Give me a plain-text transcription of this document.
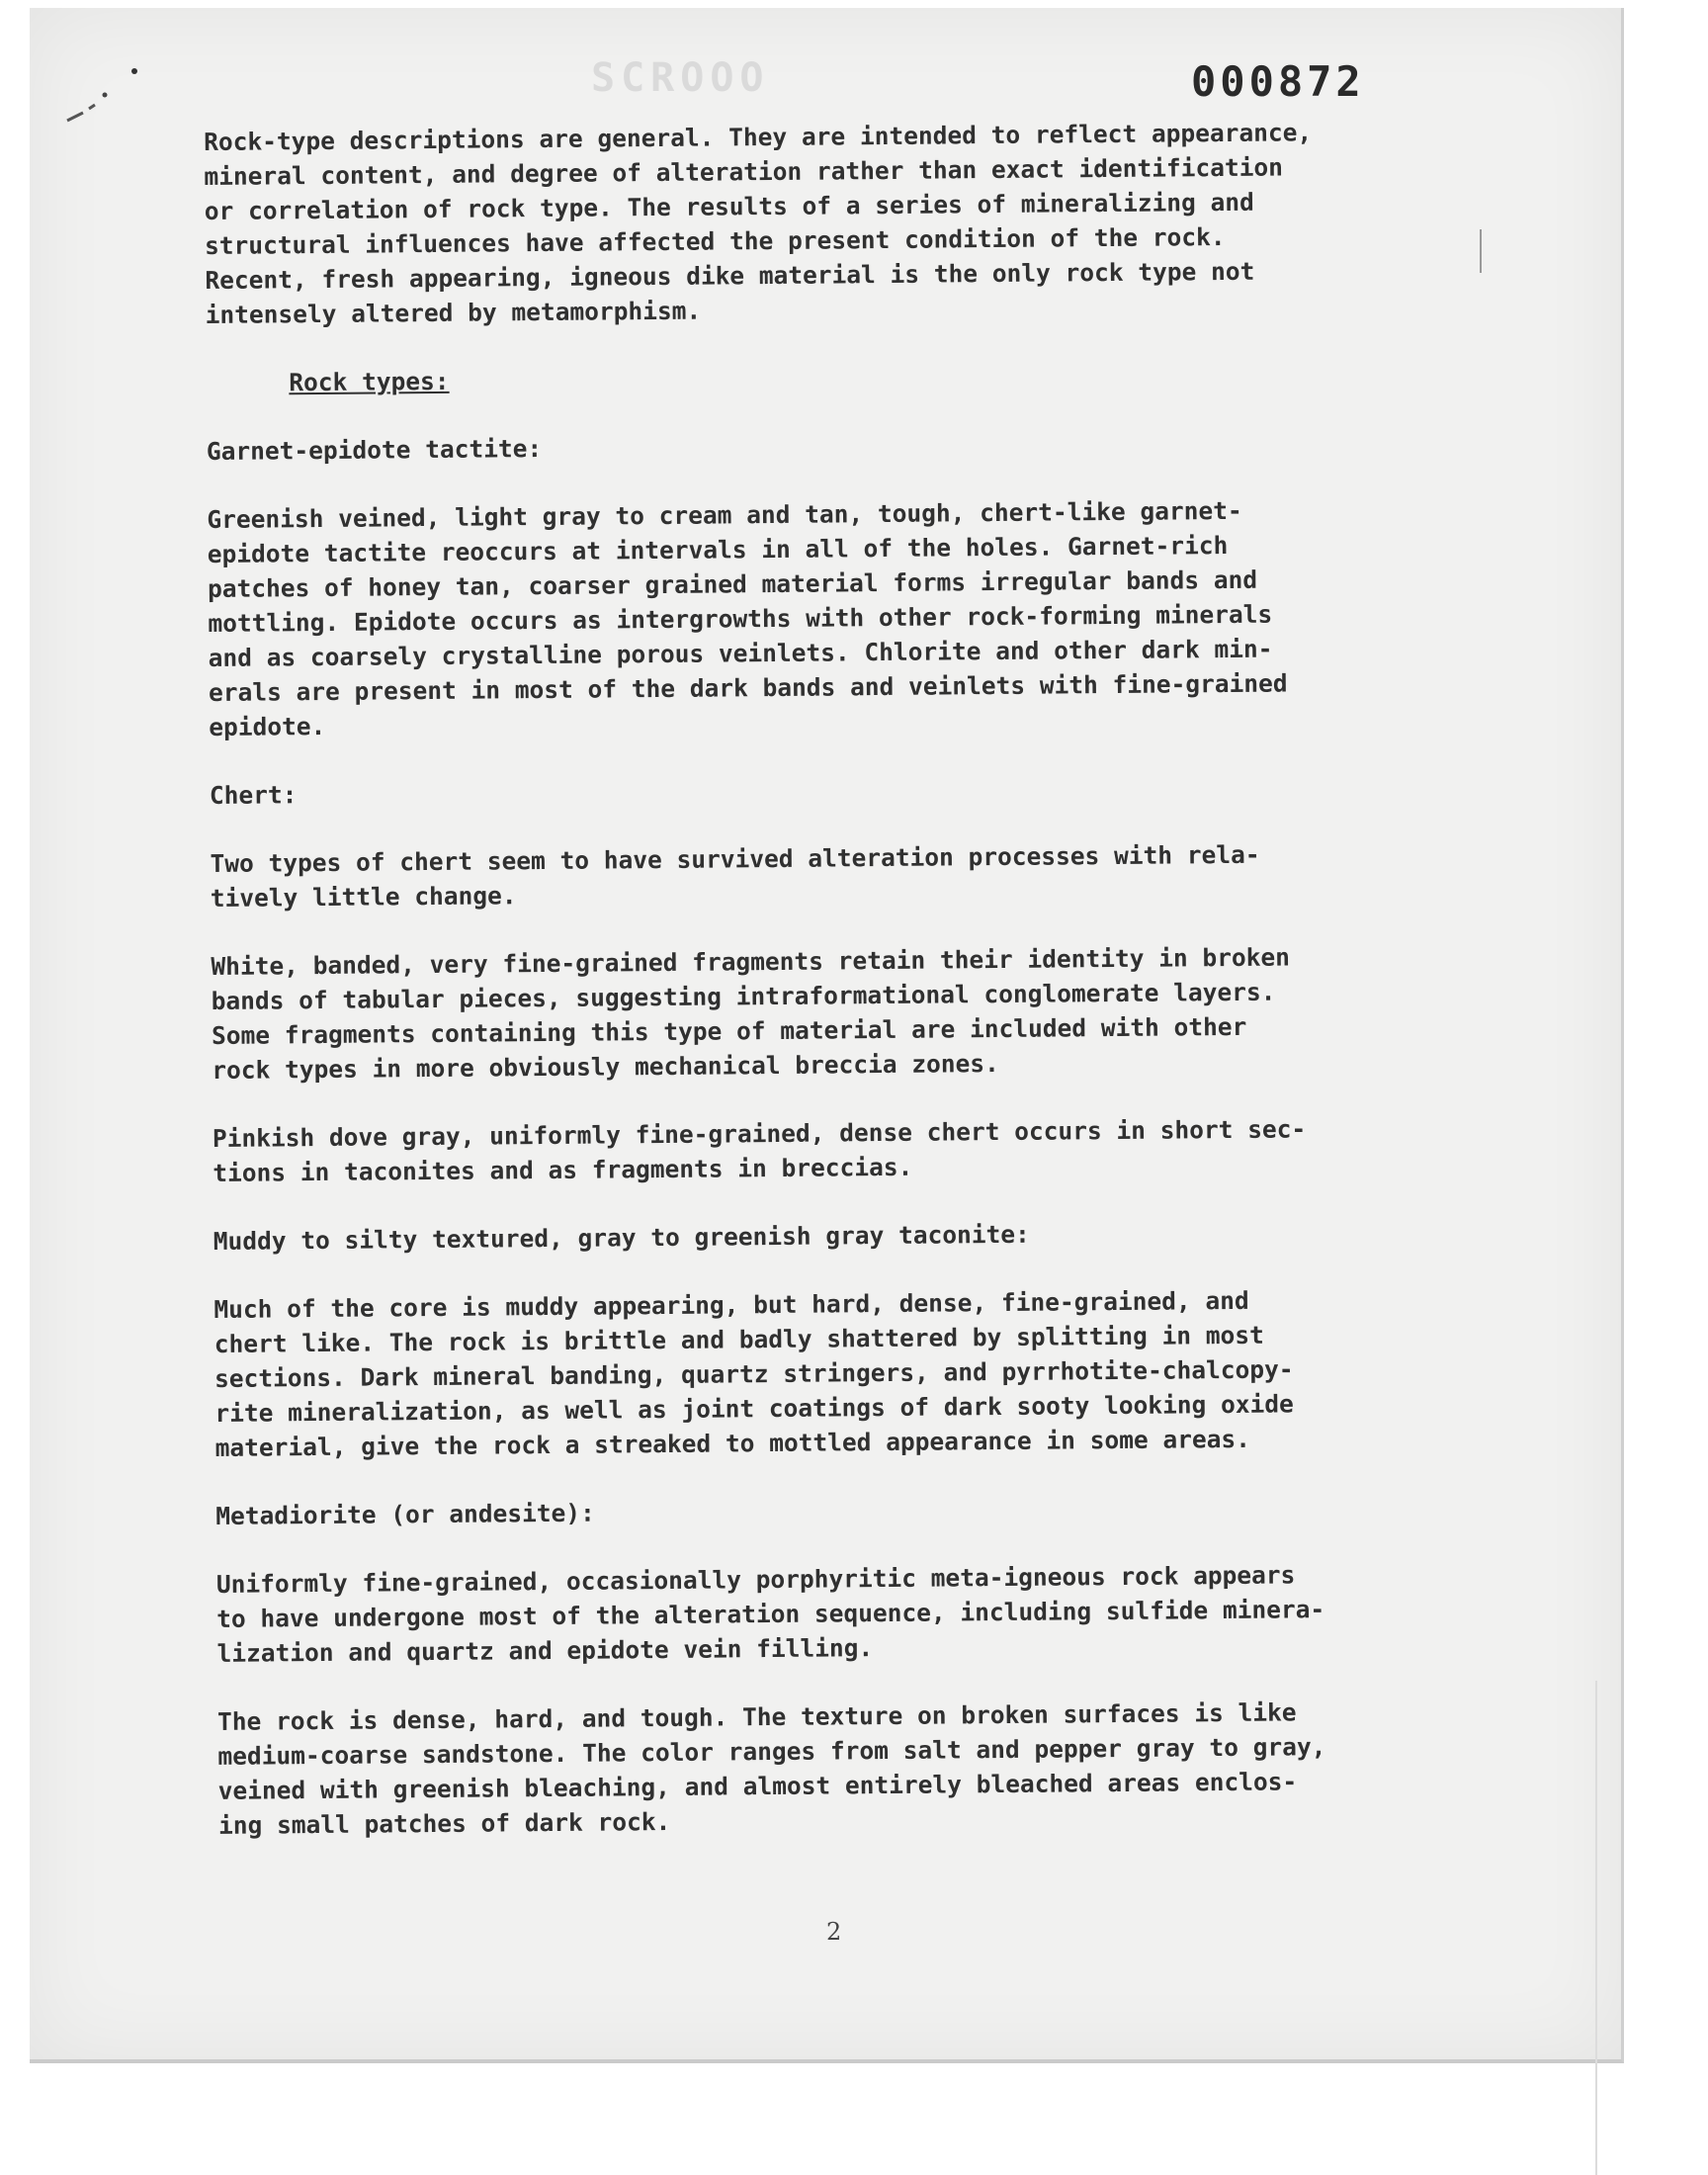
SCROOO	000872

Rock-type descriptions are general. They are intended to reflect appearance,
mineral content, and degree of alteration rather than exact identification
or correlation of rock type. The results of a series of mineralizing and
structural influences have affected the present condition of the rock.
Recent, fresh appearing, igneous dike material is the only rock type not
intensely altered by metamorphism.

Rock types:

Garnet-epidote tactite:

Greenish veined, light gray to cream and tan, tough, chert-like garnet-
epidote tactite reoccurs at intervals in all of the holes. Garnet-rich
patches of honey tan, coarser grained material forms irregular bands and
mottling. Epidote occurs as intergrowths with other rock-forming minerals
and as coarsely crystalline porous veinlets. Chlorite and other dark min-
erals are present in most of the dark bands and veinlets with fine-grained
epidote.

Chert:

Two types of chert seem to have survived alteration processes with rela-
tively little change.

White, banded, very fine-grained fragments retain their identity in broken
bands of tabular pieces, suggesting intraformational conglomerate layers.
Some fragments containing this type of material are included with other
rock types in more obviously mechanical breccia zones.

Pinkish dove gray, uniformly fine-grained, dense chert occurs in short sec-
tions in taconites and as fragments in breccias.

Muddy to silty textured, gray to greenish gray taconite:

Much of the core is muddy appearing, but hard, dense, fine-grained, and
chert like. The rock is brittle and badly shattered by splitting in most
sections. Dark mineral banding, quartz stringers, and pyrrhotite-chalcopy-
rite mineralization, as well as joint coatings of dark sooty looking oxide
material, give the rock a streaked to mottled appearance in some areas.

Metadiorite (or andesite):

Uniformly fine-grained, occasionally porphyritic meta-igneous rock appears
to have undergone most of the alteration sequence, including sulfide minera-
lization and quartz and epidote vein filling.

The rock is dense, hard, and tough. The texture on broken surfaces is like
medium-coarse sandstone. The color ranges from salt and pepper gray to gray,
veined with greenish bleaching, and almost entirely bleached areas enclos-
ing small patches of dark rock.

2
